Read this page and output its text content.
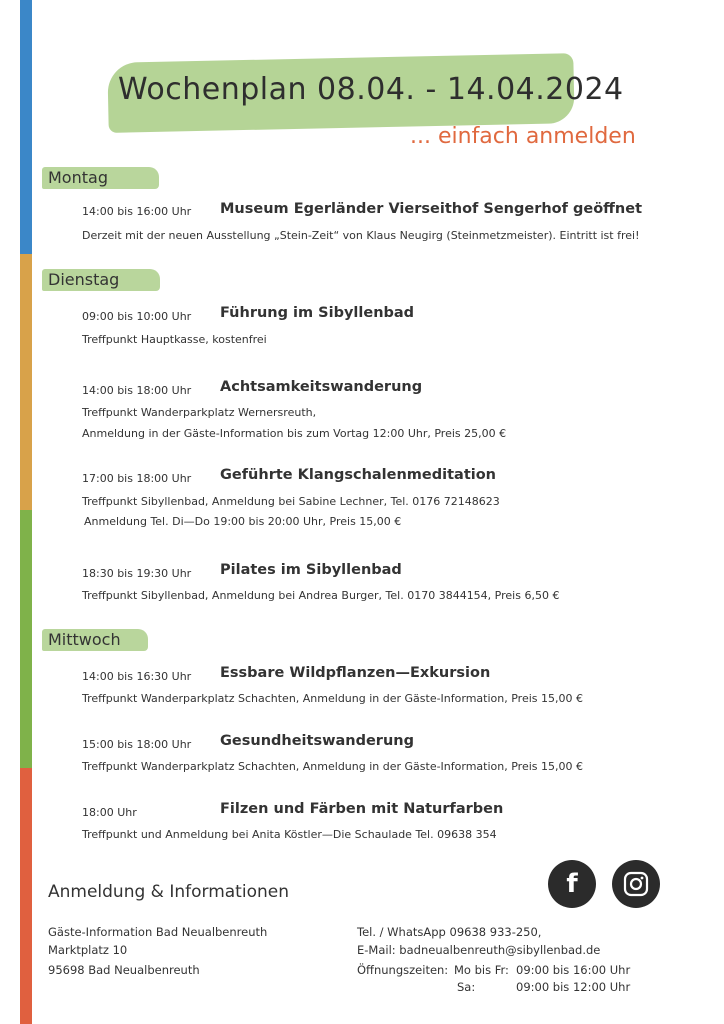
Wochenplan 08.04. - 14.04.2024
... einfach anmelden
Montag
14:00 bis 16:00 Uhr Museum Egerländer Vierseithof Sengerhof geöffnet
Derzeit mit der neuen Ausstellung „Stein-Zeit“ von Klaus Neugirg (Steinmetzmeister). Eintritt ist frei!
Dienstag
09:00 bis 10:00 Uhr Führung im Sibyllenbad
Treffpunkt Hauptkasse, kostenfrei
14:00 bis 18:00 Uhr Achtsamkeitswanderung
Treffpunkt Wanderparkplatz Wernersreuth,
Anmeldung in der Gäste-Information bis zum Vortag 12:00 Uhr, Preis 25,00 €
17:00 bis 18:00 Uhr Geführte Klangschalenmeditation
Treffpunkt Sibyllenbad, Anmeldung bei Sabine Lechner, Tel. 0176 72148623
Anmeldung Tel. Di—Do 19:00 bis 20:00 Uhr, Preis 15,00 €
18:30 bis 19:30 Uhr Pilates im Sibyllenbad
Treffpunkt Sibyllenbad, Anmeldung bei Andrea Burger, Tel. 0170 3844154, Preis 6,50 €
Mittwoch
14:00 bis 16:30 Uhr Essbare Wildpflanzen—Exkursion
Treffpunkt Wanderparkplatz Schachten, Anmeldung in der Gäste-Information, Preis 15,00 €
15:00 bis 18:00 Uhr Gesundheitswanderung
Treffpunkt Wanderparkplatz Schachten, Anmeldung in der Gäste-Information, Preis 15,00 €
18:00 Uhr	Filzen und Färben mit Naturfarben
Treffpunkt und Anmeldung bei Anita Köstler—Die Schaulade Tel. 09638 354
f
Anmeldung & Informationen
Gäste-Information Bad Neualbenreuth
Marktplatz 10
95698 Bad Neualbenreuth
Tel. / WhatsApp 09638 933-250,
E-Mail: badneualbenreuth@sibyllenbad.de
Öffnungszeiten: Mo bis Fr: 09:00 bis 16:00 Uhr
Sa:	09:00 bis 12:00 Uhr
